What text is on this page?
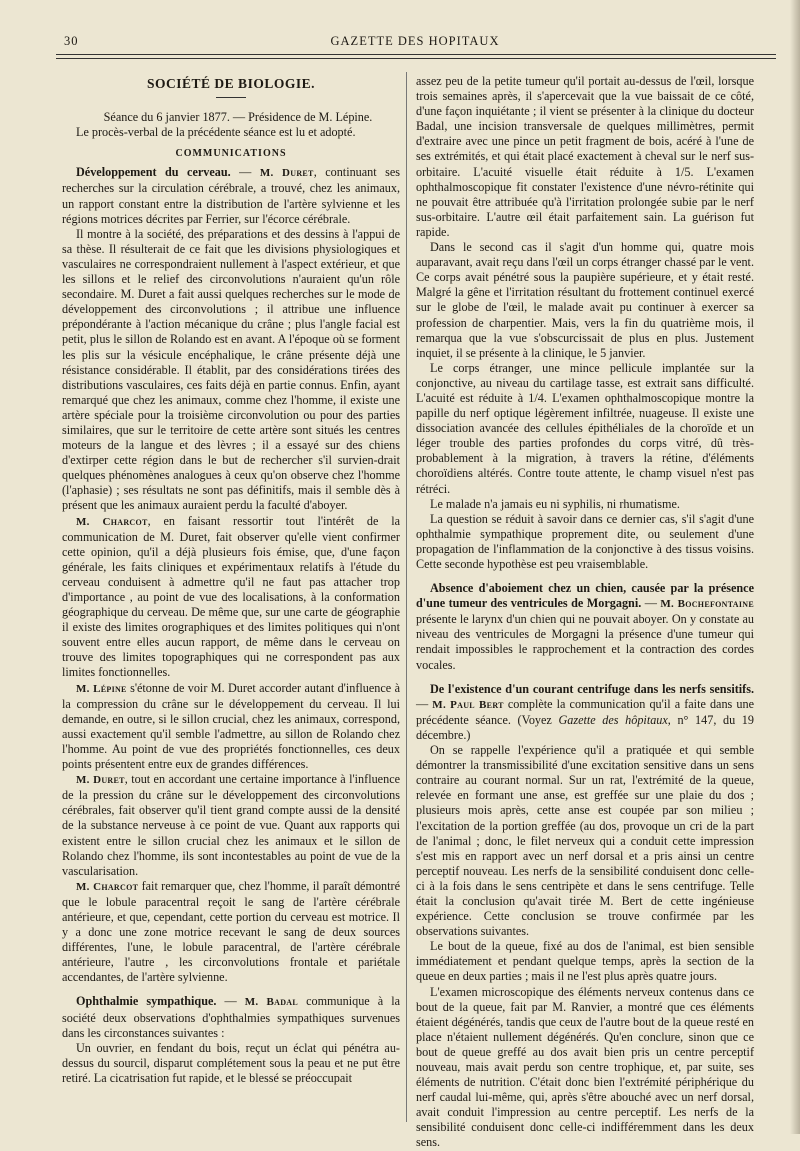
30	GAZETTE DES HOPITAUX
SOCIÉTÉ DE BIOLOGIE.

Séance du 6 janvier 1877. — Présidence de M. Lépine.

Le procès-verbal de la précédente séance est lu et adopté.

COMMUNICATIONS

Développement du cerveau. — M. Duret, continuant ses recherches sur la circulation cérébrale, a trouvé, chez les animaux, un rapport constant entre la distribution de l'artère sylvienne et les régions motrices décrites par Ferrier, sur l'écorce cérébrale.

Il montre à la société, des préparations et des dessins à l'appui de sa thèse. Il résulterait de ce fait que les divisions physiologiques et vasculaires ne correspondraient nullement à l'aspect extérieur, et que les sillons et le relief des circonvolutions n'auraient qu'un rôle secondaire. M. Duret a fait aussi quelques recherches sur le mode de développement des circonvolutions ; il attribue une influence prépondérante à l'action mécanique du crâne ; plus l'angle facial est petit, plus le sillon de Rolando est en avant. A l'époque où se forment les plis sur la vésicule encéphalique, le crâne présente déjà une résistance considérable. Il établit, par des considérations tirées des distributions vasculaires, ces faits déjà en partie connus. Enfin, ayant remarqué que chez les animaux, comme chez l'homme, il existe une artère spéciale pour la troisième circonvolution ou pour des parties similaires, que sur le territoire de cette artère sont situés les centres moteurs de la langue et des lèvres ; il a essayé sur des chiens d'extirper cette région dans le but de rechercher s'il survien-drait quelques phénomènes analogues à ceux qu'on observe chez l'homme (l'aphasie) ; ses résultats ne sont pas définitifs, mais il semble dès à présent que les animaux auraient perdu la faculté d'aboyer.

M. Charcot, en faisant ressortir tout l'intérêt de la communication de M. Duret, fait observer qu'elle vient confirmer cette opinion, qu'il a déjà plusieurs fois émise, que, d'une façon générale, les faits cliniques et expérimentaux relatifs à l'étude du cerveau conduisent à admettre qu'il ne faut pas attacher trop d'importance , au point de vue des localisations, à la conformation géographique du cerveau. De même que, sur une carte de géographie il existe des limites orographiques et des limites politiques qui n'ont souvent entre elles aucun rapport, de même dans le cerveau on trouve des limites topographiques qui ne correspondent pas aux limites fonctionnelles.

M. Lépine s'étonne de voir M. Duret accorder autant d'influence à la compression du crâne sur le développement du cerveau. Il lui demande, en outre, si le sillon crucial, chez les animaux, correspond, aussi exactement qu'il semble l'admettre, au sillon de Rolando chez l'homme. Au point de vue des propriétés fonctionnelles, ces deux points présentent entre eux de grandes différences.

M. Duret, tout en accordant une certaine importance à l'influence de la pression du crâne sur le développement des circonvolutions cérébrales, fait observer qu'il tient grand compte aussi de la densité de la substance nerveuse à ce point de vue. Quant aux rapports qui existent entre le sillon crucial chez les animaux et le sillon de Rolando chez l'homme, ils sont incontestables au point de vue de la vascularisation.

M. Charcot fait remarquer que, chez l'homme, il paraît démontré que le lobule paracentral reçoit le sang de l'artère cérébrale antérieure, et que, cependant, cette portion du cerveau est motrice. Il y a donc une zone motrice recevant le sang de deux sources différentes, l'une, le lobule paracentral, de l'artère cérébrale antérieure, l'autre , les circonvolutions frontale et pariétale accendantes, de l'artère sylvienne.

Ophthalmie sympathique. — M. Badal communique à la société deux observations d'ophthalmies sympathiques survenues dans les circonstances suivantes :

Un ouvrier, en fendant du bois, reçut un éclat qui pénétra au-dessus du sourcil, disparut complétement sous la peau et ne put être retiré. La cicatrisation fut rapide, et le blessé se préoccupait

assez peu de la petite tumeur qu'il portait au-dessus de l'œil, lorsque trois semaines après, il s'apercevait que la vue baissait de ce côté, d'une façon inquiétante ; il vient se présenter à la clinique du docteur Badal, une incision transversale de quelques millimètres, permit d'extraire avec une pince un petit fragment de bois, acéré à l'une de ses extrémités, et qui était placé exactement à cheval sur le nerf sus-orbitaire. L'acuité visuelle était réduite à 1/5. L'examen ophthalmoscopique fit constater l'existence d'une névro-rétinite qui ne pouvait être attribuée qu'à l'irritation prolongée subie par le nerf sus-orbitaire. L'autre œil était parfaitement sain. La guérison fut rapide.

Dans le second cas il s'agit d'un homme qui, quatre mois auparavant, avait reçu dans l'œil un corps étranger chassé par le vent. Ce corps avait pénétré sous la paupière supérieure, et y était resté. Malgré la gêne et l'irritation résultant du frottement continuel exercé sur le globe de l'œil, le malade avait pu continuer à exercer sa profession de charpentier. Mais, vers la fin du quatrième mois, il remarqua que la vue s'obscurcissait de plus en plus. Justement inquiet, il se présente à la clinique, le 5 janvier.

Le corps étranger, une mince pellicule implantée sur la conjonctive, au niveau du cartilage tasse, est extrait sans difficulté. L'acuité est réduite à 1/4. L'examen ophthalmoscopique montre la papille du nerf optique légèrement infiltrée, nuageuse. Il existe une dissociation avancée des cellules épithéliales de la choroïde et un léger trouble des parties profondes du corps vitré, dû très-probablement à la migration, à travers la rétine, d'éléments choroïdiens altérés. Contre toute attente, le champ visuel n'est pas rétréci.

Le malade n'a jamais eu ni syphilis, ni rhumatisme.

La question se réduit à savoir dans ce dernier cas, s'il s'agit d'une ophthalmie sympathique proprement dite, ou seulement d'une propagation de l'inflammation de la conjonctive à des tissus voisins. Cette seconde hypothèse est peu vraisemblable.

Absence d'aboiement chez un chien, causée par la présence d'une tumeur des ventricules de Morgagni. — M. Bochefontaine présente le larynx d'un chien qui ne pouvait aboyer. On y constate au niveau des ventricules de Morgagni la présence d'une tumeur qui rendait impossibles le rapprochement et la contraction des cordes vocales.

De l'existence d'un courant centrifuge dans les nerfs sensitifs. — M. Paul Bert complète la communication qu'il a faite dans une précédente séance. (Voyez Gazette des hôpitaux, n° 147, du 19 décembre.)

On se rappelle l'expérience qu'il a pratiquée et qui semble démontrer la transmissibilité d'une excitation sensitive dans un sens contraire au courant normal. Sur un rat, l'extrémité de la queue, relevée en formant une anse, est greffée sur une plaie du dos ; plusieurs mois après, cette anse est coupée par son milieu ; l'excitation de la portion greffée (au dos, provoque un cri de la part de l'animal ; donc, le filet nerveux qui a conduit cette impression s'est mis en rapport avec un nerf dorsal et a pris ainsi un centre perceptif nouveau. Les nerfs de la sensibilité conduisent donc celle-ci à la fois dans le sens centripète et dans le sens centrifuge. Telle était la conclusion qu'avait tirée M. Bert de cette ingénieuse expérience. Cette conclusion se trouve confirmée par les observations suivantes.

Le bout de la queue, fixé au dos de l'animal, est bien sensible immédiatement et pendant quelque temps, après la section de la queue en deux parties ; mais il ne l'est plus après quatre jours.

L'examen microscopique des éléments nerveux contenus dans ce bout de la queue, fait par M. Ranvier, a montré que ces éléments étaient dégénérés, tandis que ceux de l'autre bout de la queue resté en place n'étaient nullement dégénérés. Qu'en conclure, sinon que ce bout de queue greffé au dos avait bien pris un centre perceptif nouveau, mais avait perdu son centre trophique, et, par suite, ses éléments de nutrition. C'était donc bien l'extrémité périphérique du nerf caudal lui-même, qui, après s'être abouché avec un nerf dorsal, avait conduit l'impression au centre perceptif. Les nerfs de la sensibilité conduisent donc celle-ci indifféremment dans les deux sens.
